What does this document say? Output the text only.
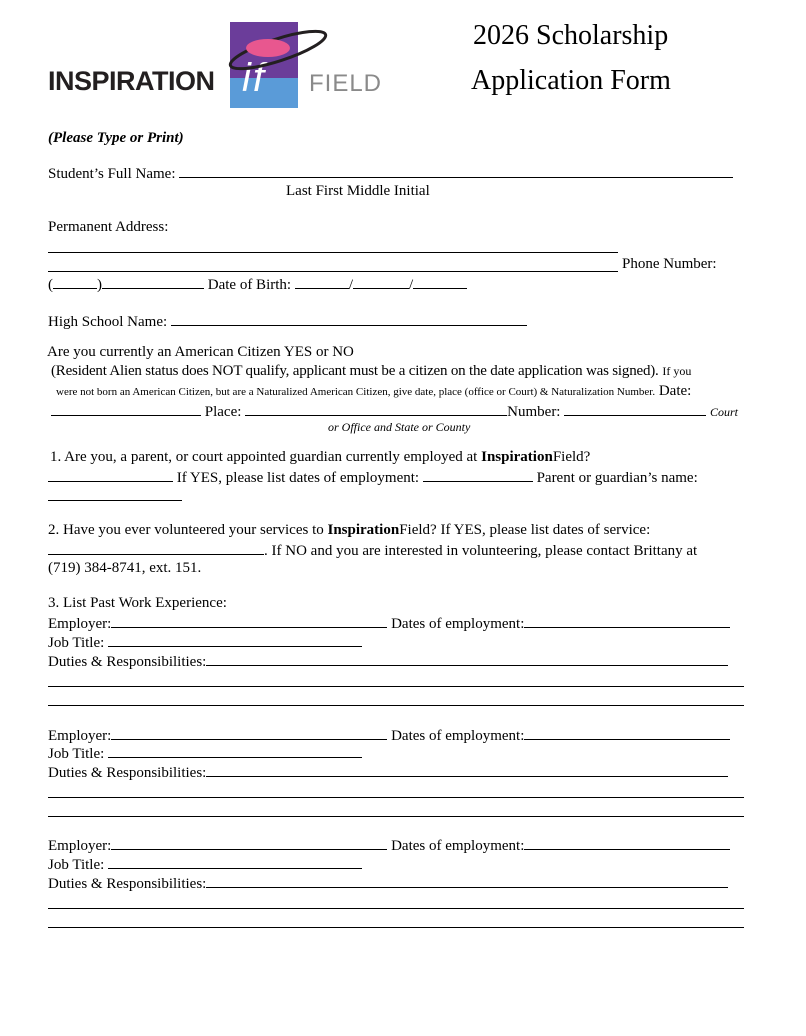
INSPIRATION if FIELD
2026 Scholarship
Application Form
(Please Type or Print)
Student’s Full Name:
Last First Middle Initial
Permanent Address:
Phone Number:
(	)	Date of Birth:	/	/
High School Name:
Are you currently an American Citizen YES or NO
(Resident Alien status does NOT qualify, applicant must be a citizen on the date application was signed). If you
were not born an American Citizen, but are a Naturalized American Citizen, give date, place (office or Court) & Naturalization Number. Date:
Place:	Number:	Court
or Office and State or County
1. Are you, a parent, or court appointed guardian currently employed at InspirationField?
If YES, please list dates of employment:	Parent or guardian’s name:
2. Have you ever volunteered your services to InspirationField? If YES, please list dates of service:
. If NO and you are interested in volunteering, please contact Brittany at
(719) 384-8741, ext. 151.
3. List Past Work Experience:
Employer:	Dates of employment:
Job Title:
Duties & Responsibilities:
Employer:	Dates of employment:
Job Title:
Duties & Responsibilities:
Employer:	Dates of employment:
Job Title:
Duties & Responsibilities:
